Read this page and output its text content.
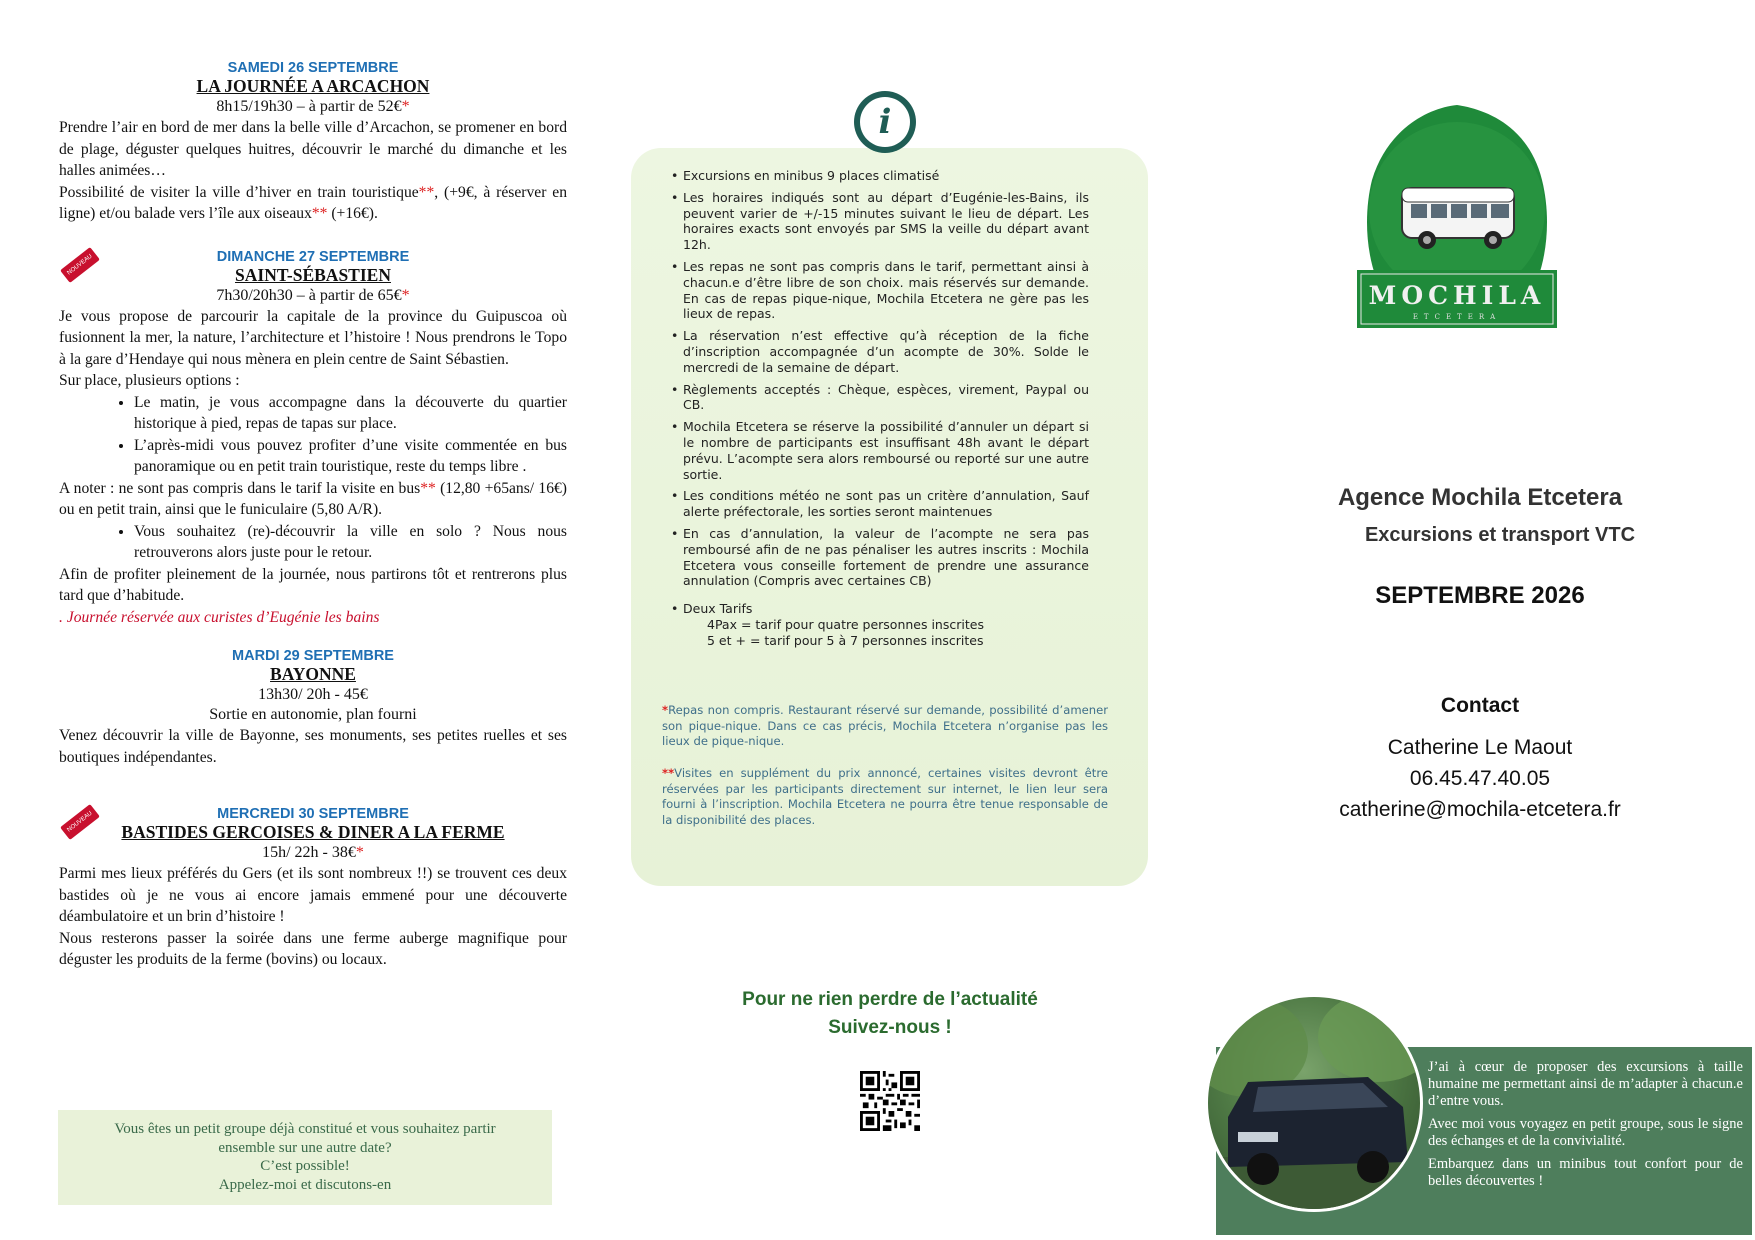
SAMEDI 26 SEPTEMBRE
LA JOURNÉE A ARCACHON
8h15/19h30 – à partir de 52€*

Prendre l’air en bord de mer dans la belle ville d’Arcachon, se promener en bord de plage, déguster quelques huitres, découvrir le marché du dimanche et les halles animées…

Possibilité de visiter la ville d’hiver en train touristique**, (+9€, à réserver en ligne) et/ou balade vers l’île aux oiseaux** (+16€).

NOUVEAU	DIMANCHE 27 SEPTEMBRE
SAINT-SÉBASTIEN
7h30/20h30 – à partir de 65€*

Je vous propose de parcourir la capitale de la province du Guipuscoa où fusionnent la mer, la nature, l’architecture et l’histoire ! Nous prendrons le Topo à la gare d’Hendaye qui nous mènera en plein centre de Saint Sébastien.

Sur place, plusieurs options :

• Le matin, je vous accompagne dans la découverte du quartier historique à pied, repas de tapas sur place.
• L’après-midi vous pouvez profiter d’une visite commentée en bus panoramique ou en petit train touristique, reste du temps libre .

A noter : ne sont pas compris dans le tarif la visite en bus** (12,80 +65ans/ 16€) ou en petit train, ainsi que le funiculaire (5,80 A/R).

• Vous souhaitez (re)-découvrir la ville en solo ? Nous nous retrouverons alors juste pour le retour.

Afin de profiter pleinement de la journée, nous partirons tôt et rentrerons plus tard que d’habitude.

. Journée réservée aux curistes d’Eugénie les bains

MARDI 29 SEPTEMBRE
BAYONNE
13h30/ 20h - 45€
Sortie en autonomie, plan fourni

Venez découvrir la ville de Bayonne, ses monuments, ses petites ruelles et ses boutiques indépendantes.

NOUVEAU	MERCREDI 30 SEPTEMBRE
BASTIDES GERCOISES & DINER A LA FERME
15h/ 22h - 38€*

Parmi mes lieux préférés du Gers (et ils sont nombreux !!) se trouvent ces deux bastides où je ne vous ai encore jamais emmené pour une découverte déambulatoire et un brin d’histoire !

Nous resterons passer la soirée dans une ferme auberge magnifique pour déguster les produits de la ferme (bovins) ou locaux.

Vous êtes un petit groupe déjà constitué et vous souhaitez partir
ensemble sur une autre date?
C’est possible!
Appelez-moi et discutons-en
• Excursions en minibus 9 places climatisé
• Les horaires indiqués sont au départ d’Eugénie-les-Bains, ils peuvent varier de +/-15 minutes suivant le lieu de départ. Les horaires exacts sont envoyés par SMS la veille du départ avant 12h.
• Les repas ne sont pas compris dans le tarif, permettant ainsi à chacun.e d’être libre de son choix. mais réservés sur demande. En cas de repas pique-nique, Mochila Etcetera ne gère pas les lieux de repas.
• La réservation n’est effective qu’à réception de la fiche d’inscription accompagnée d’un acompte de 30%. Solde le mercredi de la semaine de départ.
• Règlements acceptés : Chèque, espèces, virement, Paypal ou CB.
• Mochila Etcetera se réserve la possibilité d’annuler un départ si le nombre de participants est insuffisant 48h avant le départ prévu. L’acompte sera alors remboursé ou reporté sur une autre sortie.
• Les conditions météo ne sont pas un critère d’annulation, Sauf alerte préfectorale, les sorties seront maintenues
• En cas d’annulation, la valeur de l’acompte ne sera pas remboursé afin de ne pas pénaliser les autres inscrits : Mochila Etcetera vous conseille fortement de prendre une assurance annulation (Compris avec certaines CB)
• Deux Tarifs
4Pax = tarif pour quatre personnes inscrites
5 et + = tarif pour 5 à 7 personnes inscrites
*Repas non compris. Restaurant réservé sur demande, possibilité d’amener son pique-nique. Dans ce cas précis, Mochila Etcetera n’organise pas les lieux de pique-nique.
**Visites en supplément du prix annoncé, certaines visites devront être réservées par les participants directement sur internet, le lien leur sera fourni à l’inscription. Mochila Etcetera ne pourra être tenue responsable de la disponibilité des places.
i
Pour ne rien perdre de l’actualité
Suivez-nous !
MOCHILA
ETCETERA
Agence Mochila Etcetera
Excursions et transport VTC
SEPTEMBRE 2026
Contact
Catherine Le Maout
06.45.47.40.05
catherine@mochila-etcetera.fr

J’ai à cœur de proposer des excursions à taille humaine me permettant ainsi de m’adapter à chacun.e d’entre vous.

Avec moi vous voyagez en petit groupe, sous le signe des échanges et de la convivialité.

Embarquez dans un minibus tout confort pour de belles découvertes !
